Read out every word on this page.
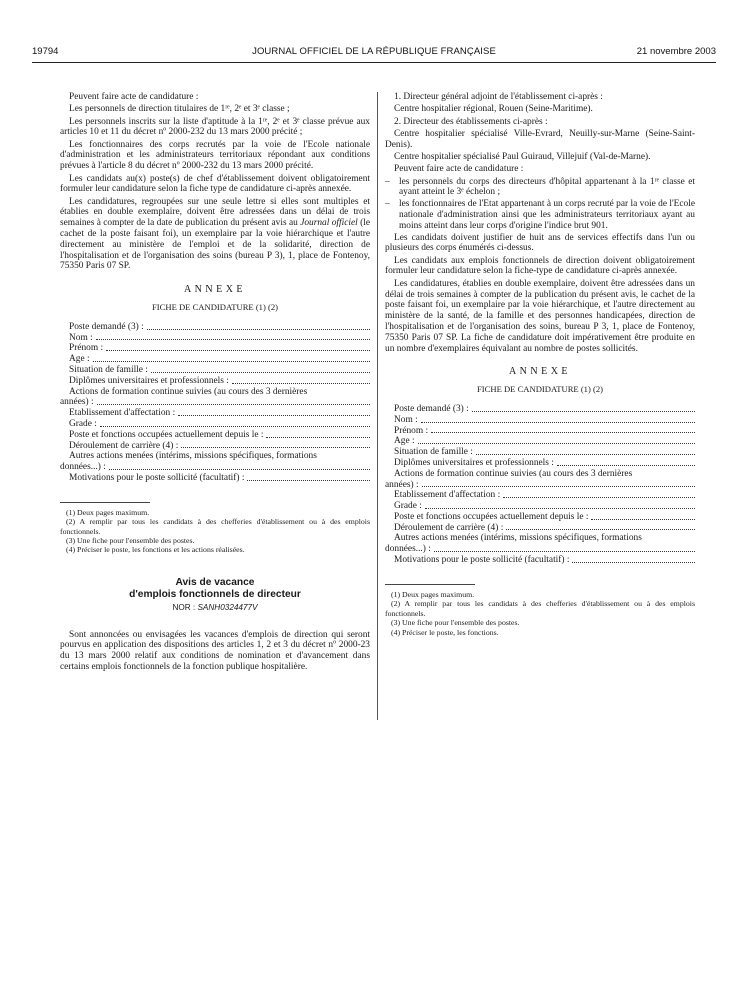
19794	JOURNAL OFFICIEL DE LA RÉPUBLIQUE FRANÇAISE	21 novembre 2003

Peuvent faire acte de candidature :

Les personnels de direction titulaires de 1ʳᵉ, 2ᵉ et 3ᵉ classe ;

Les personnels inscrits sur la liste d'aptitude à la 1ʳᵉ, 2ᵉ et 3ᵉ classe prévue aux articles 10 et 11 du décret nº 2000-232 du 13 mars 2000 précité ;

Les fonctionnaires des corps recrutés par la voie de l'Ecole nationale d'administration et les administrateurs territoriaux répondant aux conditions prévues à l'article 8 du décret nº 2000-232 du 13 mars 2000 précité.

Les candidats au(x) poste(s) de chef d'établissement doivent obligatoirement formuler leur candidature selon la fiche type de candidature ci-après annexée.

Les candidatures, regroupées sur une seule lettre si elles sont multiples et établies en double exemplaire, doivent être adressées dans un délai de trois semaines à compter de la date de publication du présent avis au Journal officiel (le cachet de la poste faisant foi), un exemplaire par la voie hiérarchique et l'autre directement au ministère de l'emploi et de la solidarité, direction de l'hospitalisation et de l'organisation des soins (bureau P 3), 1, place de Fontenoy, 75350 Paris 07 SP.

ANNEXE

FICHE DE CANDIDATURE (1) (2)

Poste demandé (3) :
Nom :
Prénom :
Age :
Situation de famille :
Diplômes universitaires et professionnels :
Actions de formation continue suivies (au cours des 3 dernières
années) :
Etablissement d'affectation :
Grade :
Poste et fonctions occupées actuellement depuis le :
Déroulement de carrière (4) :
Autres actions menées (intérims, missions spécifiques, formations
données...) :
Motivations pour le poste sollicité (facultatif) :

(1) Deux pages maximum.

(2) A remplir par tous les candidats à des chefferies d'établissement ou à des emplois fonctionnels.

(3) Une fiche pour l'ensemble des postes.

(4) Préciser le poste, les fonctions et les actions réalisées.

Avis de vacance
d'emplois fonctionnels de directeur
NOR : SANH0324477V

Sont annoncées ou envisagées les vacances d'emplois de direction qui seront pourvus en application des dispositions des articles 1, 2 et 3 du décret nº 2000-23 du 13 mars 2000 relatif aux conditions de nomination et d'avancement dans certains emplois fonctionnels de la fonction publique hospitalière.

1. Directeur général adjoint de l'établissement ci-après :

Centre hospitalier régional, Rouen (Seine-Maritime).

2. Directeur des établissements ci-après :

Centre hospitalier spécialisé Ville-Evrard, Neuilly-sur-Marne (Seine-Saint-Denis).

Centre hospitalier spécialisé Paul Guiraud, Villejuif (Val-de-Marne).

Peuvent faire acte de candidature :

– les personnels du corps des directeurs d'hôpital appartenant à la 1ʳᵉ classe et ayant atteint le 3ᵉ échelon ;
– les fonctionnaires de l'Etat appartenant à un corps recruté par la voie de l'Ecole nationale d'administration ainsi que les administrateurs territoriaux ayant au moins atteint dans leur corps d'origine l'indice brut 901.

Les candidats doivent justifier de huit ans de services effectifs dans l'un ou plusieurs des corps énumérés ci-dessus.

Les candidats aux emplois fonctionnels de direction doivent obligatoirement formuler leur candidature selon la fiche-type de candidature ci-après annexée.

Les candidatures, établies en double exemplaire, doivent être adressées dans un délai de trois semaines à compter de la publication du présent avis, le cachet de la poste faisant foi, un exemplaire par la voie hiérarchique, et l'autre directement au ministère de la santé, de la famille et des personnes handicapées, direction de l'hospitalisation et de l'organisation des soins, bureau P 3, 1, place de Fontenoy, 75350 Paris 07 SP. La fiche de candidature doit impérativement être produite en un nombre d'exemplaires équivalant au nombre de postes sollicités.

ANNEXE

FICHE DE CANDIDATURE (1) (2)

Poste demandé (3) :
Nom :
Prénom :
Age :
Situation de famille :
Diplômes universitaires et professionnels :
Actions de formation continue suivies (au cours des 3 dernières
années) :
Etablissement d'affectation :
Grade :
Poste et fonctions occupées actuellement depuis le :
Déroulement de carrière (4) :
Autres actions menées (intérims, missions spécifiques, formations
données...) :
Motivations pour le poste sollicité (facultatif) :

(1) Deux pages maximum.

(2) A remplir par tous les candidats à des chefferies d'établissement ou à des emplois fonctionnels.

(3) Une fiche pour l'ensemble des postes.

(4) Préciser le poste, les fonctions.
